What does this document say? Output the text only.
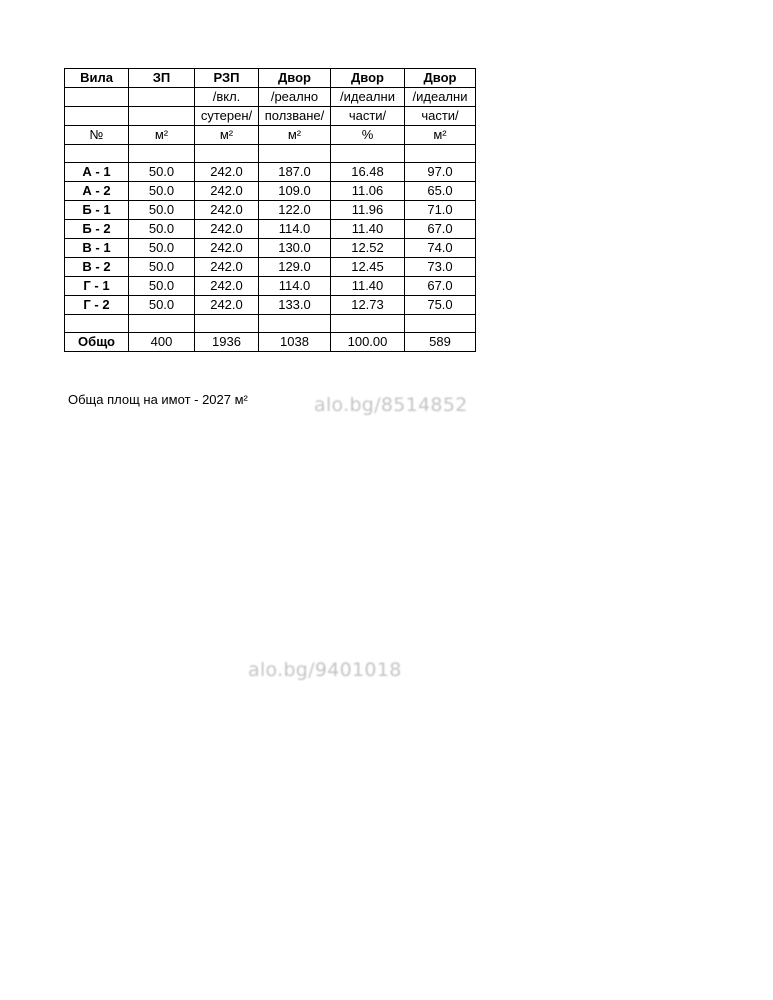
Вила	ЗП	РЗП	Двор	Двор	Двор
		/вкл.	/реално	/идеални	/идеални
		сутерен/	ползване/	части/	части/
№	м²	м²	м²	%	м²

А - 1	50.0	242.0	187.0	16.48	97.0
А - 2	50.0	242.0	109.0	11.06	65.0
Б - 1	50.0	242.0	122.0	11.96	71.0
Б - 2	50.0	242.0	114.0	11.40	67.0
В - 1	50.0	242.0	130.0	12.52	74.0
В - 2	50.0	242.0	129.0	12.45	73.0
Г - 1	50.0	242.0	114.0	11.40	67.0
Г - 2	50.0	242.0	133.0	12.73	75.0

Общо	400	1936	1038	100.00	589
Обща площ на имот - 2027 м²	alo.bg/8514852
alo.bg/9401018
